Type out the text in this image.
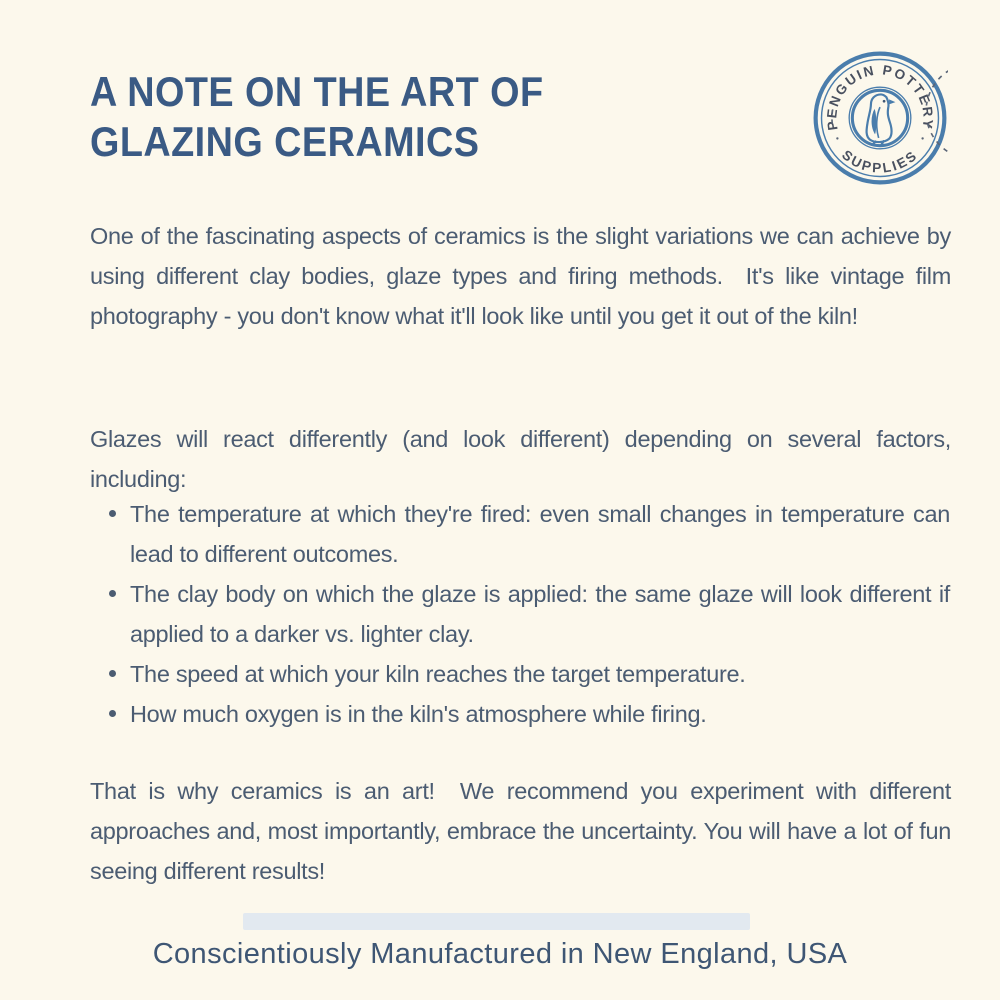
A NOTE ON THE ART OF
GLAZING CERAMICS	PENGUIN POTTERY
SUPPLIES

One of the fascinating aspects of ceramics is the slight variations we can achieve by using different clay bodies, glaze types and firing methods.  It's like vintage film photography - you don't know what it'll look like until you get it out of the kiln!

Glazes will react differently (and look different) depending on several factors, including:

The temperature at which they're fired: even small changes in temperature can lead to different outcomes.
The clay body on which the glaze is applied: the same glaze will look different if applied to a darker vs. lighter clay.
The speed at which your kiln reaches the target temperature.
How much oxygen is in the kiln's atmosphere while firing.

That is why ceramics is an art!  We recommend you experiment with different approaches and, most importantly, embrace the uncertainty. You will have a lot of fun seeing different results!

Conscientiously Manufactured in New England, USA
